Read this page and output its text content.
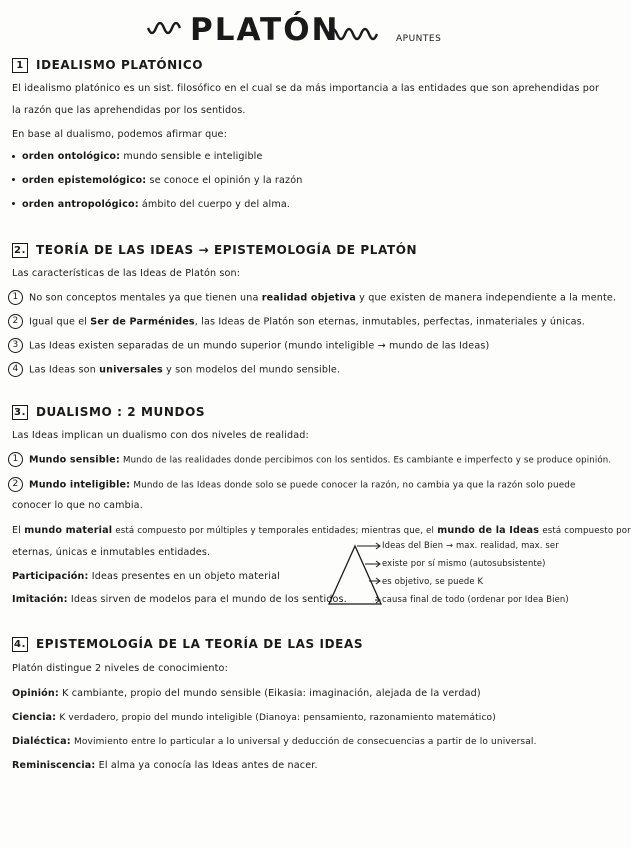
PLATÓN	APUNTES
1 IDEALISMO PLATÓNICO
El idealismo platónico es un sist. filosófico en el cual se da más importancia a las entidades que son aprehendidas por
la razón que las aprehendidas por los sentidos.
En base al dualismo, podemos afirmar que:
orden ontológico: mundo sensible e inteligible
orden epistemológico: se conoce el opinión y la razón
orden antropológico: ámbito del cuerpo y del alma.
2. TEORÍA DE LAS IDEAS → EPISTEMOLOGÍA DE PLATÓN
Las características de las Ideas de Platón son:
1 No son conceptos mentales ya que tienen una realidad objetiva y que existen de manera independiente a la mente.
2 Igual que el Ser de Parménides, las Ideas de Platón son eternas, inmutables, perfectas, inmateriales y únicas.
3 Las Ideas existen separadas de un mundo superior (mundo inteligible → mundo de las Ideas)
4 Las Ideas son universales y son modelos del mundo sensible.
3. DUALISMO : 2 MUNDOS
Las Ideas implican un dualismo con dos niveles de realidad:
1 Mundo sensible: Mundo de las realidades donde percibimos con los sentidos. Es cambiante e imperfecto y se produce opinión.
2 Mundo inteligible: Mundo de las Ideas donde solo se puede conocer la razón, no cambia ya que la razón solo puede
conocer lo que no cambia.
El mundo material está compuesto por múltiples y temporales entidades; mientras que, el mundo de la Ideas está compuesto por
eternas, únicas e inmutables entidades.
Participación: Ideas presentes en un objeto material
Imitación: Ideas sirven de modelos para el mundo de los sentidos.
Ideas del Bien → max. realidad, max. ser
existe por sí mismo (autosubsistente)
es objetivo, se puede K
causa final de todo (ordenar por Idea Bien)
4. EPISTEMOLOGÍA DE LA TEORÍA DE LAS IDEAS
Platón distingue 2 niveles de conocimiento:
Opinión: K cambiante, propio del mundo sensible (Eikasia: imaginación, alejada de la verdad)
Ciencia: K verdadero, propio del mundo inteligible (Dianoya: pensamiento, razonamiento matemático)
Dialéctica: Movimiento entre lo particular a lo universal y deducción de consecuencias a partir de lo universal.
Reminiscencia: El alma ya conocía las Ideas antes de nacer.
